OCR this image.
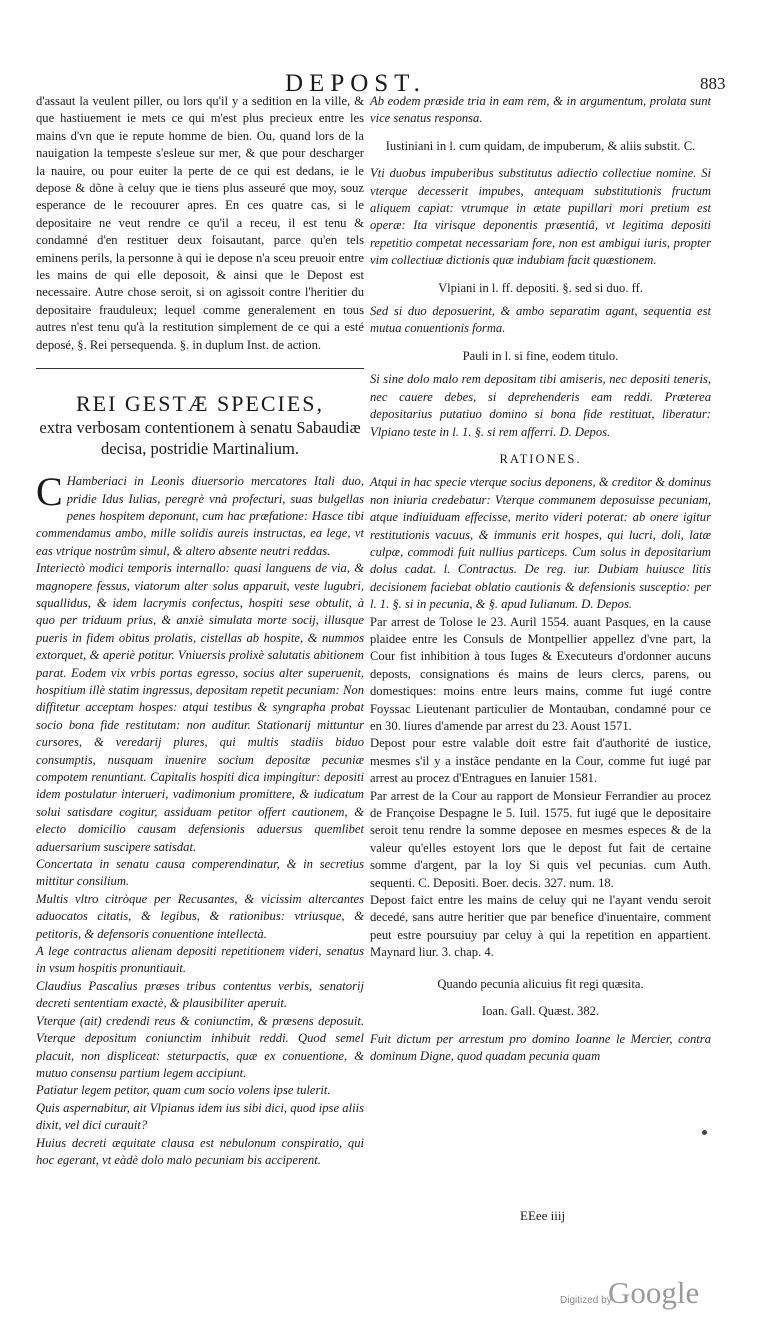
DEPOST.	883

d'assaut la veulent piller, ou lors qu'il y a sedition en la ville, & que hastiuement ie mets ce qui m'est plus precieux entre les mains d'vn que ie repute homme de bien. Ou, quand lors de la nauigation la tempeste s'esleue sur mer, & que pour descharger la nauire, ou pour euiter la perte de ce qui est dedans, ie le depose & dõne à celuy que ie tiens plus asseuré que moy, souz esperance de le recouurer apres. En ces quatre cas, si le depositaire ne veut rendre ce qu'il a receu, il est tenu & condamné d'en restituer deux foisautant, parce qu'en tels eminens perils, la personne à qui ie depose n'a sceu preuoir entre les mains de qui elle deposoit, & ainsi que le Depost est necessaire. Autre chose seroit, si on agissoit contre l'heritier du depositaire frauduleux; lequel comme generalement en tous autres n'est tenu qu'à la restitution simplement de ce qui a esté deposé, §. Rei persequenda. §. in duplum Inst. de action.

REI GESTÆ SPECIES,
extra verbosam contentionem à senatu Sabaudiæ decisa, postridie Martinalium.
C Hamberiaci in Leonis diuersorio mercatores Itali duo, pridie Idus Iulias, peregrè vnà profecturi, suas bulgellas penes hospitem deponunt, cum hac præfatione: Hasce tibi commendamus ambo, mille solidis aureis instructas, ea lege, vt eas vtrique nostrûm simul, & altero absente neutri reddas.

Interiectò modici temporis internallo: quasi languens de via, & magnopere fessus, viatorum alter solus apparuit, veste lugubri, squallidus, & idem lacrymis confectus, hospiti sese obtulit, à quo per triduum prius, & anxiè simulata morte socij, illusque pueris in fidem obitus prolatis, cistellas ab hospite, & nummos extorquet, & aperiè potitur. Vniuersis prolixè salutatis abitionem parat. Eodem vix vrbis portas egresso, socius alter superuenit, hospitium illè statim ingressus, depositam repetit pecuniam: Non diffitetur acceptam hospes: atqui testibus & syngrapha probat socio bona fide restitutam: non auditur. Stationarij mittuntur cursores, & veredarij plures, qui multis stadiis biduo consumptis, nusquam inuenire socium depositæ pecuniæ compotem renuntiant. Capitalis hospiti dica impingitur: depositi idem postulatur interueri, vadimonium promittere, & iudicatum solui satisdare cogitur, assiduam petitor offert cautionem, & electo domicilio causam defensionis aduersus quemlibet aduersarium suscipere satisdat.

Concertata in senatu causa comperendinatur, & in secretius mittitur consilium.

Multis vltro citròque per Recusantes, & vicissim altercantes aduocatos citatis, & legibus, & rationibus: vtriusque, & petitoris, & defensoris conuentione intellectà.

A lege contractus alienam depositi repetitionem videri, senatus in vsum hospitis pronuntiauit.

Claudius Pascalius præses tribus contentus verbis, senatorij decreti sententiam exactè, & plausibiliter aperuit.

Vterque (ait) credendi reus & coniunctim, & præsens deposuit. Vterque depositum coniunctim inhibuit reddi. Quod semel placuit, non displiceat: steturpactis, quæ ex conuentione, & mutuo consensu partium legem accipiunt.

Patiatur legem petitor, quam cum socio volens ipse tulerit.

Quis aspernabitur, ait Vlpianus idem ius sibi dici, quod ipse aliis dixit, vel dici curauit?

Huius decreti æquitate clausa est nebulonum conspiratio, qui hoc egerant, vt eàdè dolo malo pecuniam bis acciperent.

Ab eodem præside tria in eam rem, & in argumentum, prolata sunt vice senatus responsa.

Iustiniani in l. cum quidam, de impuberum, & aliis substit. C.

Vti duobus impuberibus substitutus adiectio collectiue nomine. Si vterque decesserit impubes, antequam substitutionis fructum aliquem capiat: vtrumque in ætate pupillari mori pretium est operæ: Ita virisque deponentis præsentiâ, vt legitima depositi repetitio competat necessariam fore, non est ambigui iuris, propter vim collectiuæ dictionis quæ indubiam facit quæstionem.

Vlpiani in l. ff. depositi. §. sed si duo. ff.

Sed si duo deposuerint, & ambo separatim agant, sequentia est mutua conuentionis forma.

Pauli in l. si fine, eodem titulo.

Si sine dolo malo rem depositam tibi amiseris, nec depositi teneris, nec cauere debes, si deprehenderis eam reddi. Præterea depositarius putatiuo domino si bona fide restituat, liberatur: Vlpiano teste in l. 1. §. si rem afferri. D. Depos.

RATIONES.

Atqui in hac specie vterque socius deponens, & creditor & dominus non iniuria credebatur: Vterque communem deposuisse pecuniam, atque indiuiduam effecisse, merito videri poterat: ab onere igitur restitutionis vacuus, & immunis erit hospes, qui lucri, doli, latæ culpæ, commodi fuit nullius particeps. Cum solus in depositarium dolus cadat. l. Contractus. De reg. iur. Dubiam huiusce litis decisionem faciebat oblatio cautionis & defensionis susceptio: per l. 1. §. si in pecunia, & §. apud Iulianum. D. Depos.

Par arrest de Tolose le 23. Auril 1554. auant Pasques, en la cause plaidee entre les Consuls de Montpellier appellez d'vne part, la Cour fist inhibition à tous Iuges & Executeurs d'ordonner aucuns deposts, consignations és mains de leurs clercs, parens, ou domestiques: moins entre leurs mains, comme fut iugé contre Foyssac Lieutenant particulier de Montauban, condamné pour ce en 30. liures d'amende par arrest du 23. Aoust 1571.

Depost pour estre valable doit estre fait d'authorité de iustice, mesmes s'il y a instãce pendante en la Cour, comme fut iugé par arrest au procez d'Entragues en Ianuier 1581.

Par arrest de la Cour au rapport de Monsieur Ferrandier au procez de Françoise Despagne le 5. Iuil. 1575. fut iugé que le depositaire seroit tenu rendre la somme deposee en mesmes especes & de la valeur qu'elles estoyent lors que le depost fut fait de certaine somme d'argent, par la loy Si quis vel pecunias. cum Auth. sequenti. C. Depositi. Boer. decis. 327. num. 18.

Depost faict entre les mains de celuy qui ne l'ayant vendu seroit decedé, sans autre heritier que par benefice d'inuentaire, comment peut estre poursuiuy par celuy à qui la repetition en appartient. Maynard liur. 3. chap. 4.

Quando pecunia alicuius fit regi quæsita.

Ioan. Gall. Quæst. 382.

Fuit dictum per arrestum pro domino Ioanne le Mercier, contra dominum Digne, quod quadam pecunia quam

EEee iiij
Digitized by
Google
